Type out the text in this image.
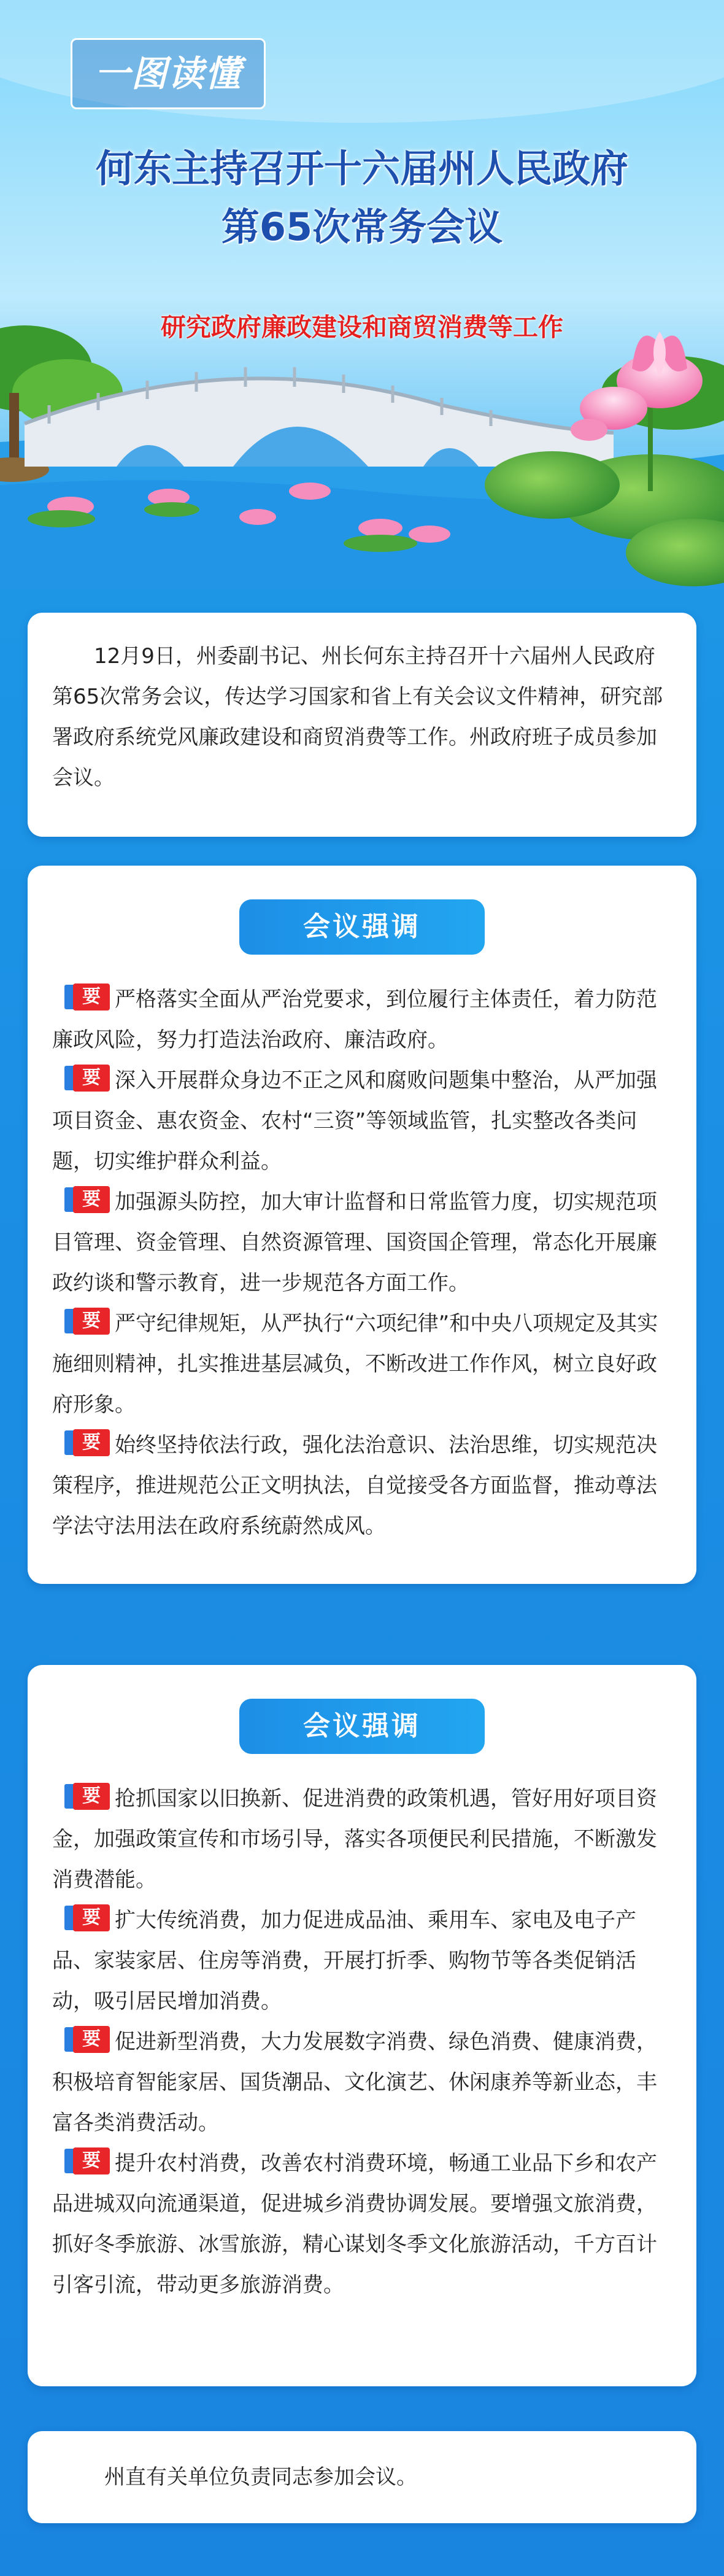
一图读懂
何东主持召开十六届州人民政府
第65次常务会议
研究政府廉政建设和商贸消费等工作

12月9日，州委副书记、州长何东主持召开十六届州人民政府第65次常务会议，传达学习国家和省上有关会议文件精神，研究部署政府系统党风廉政建设和商贸消费等工作。州政府班子成员参加会议。

会议强调

要 严格落实全面从严治党要求，到位履行主体责任，着力防范廉政风险，努力打造法治政府、廉洁政府。

要 深入开展群众身边不正之风和腐败问题集中整治，从严加强项目资金、惠农资金、农村“三资”等领域监管，扎实整改各类问题，切实维护群众利益。

要 加强源头防控，加大审计监督和日常监管力度，切实规范项目管理、资金管理、自然资源管理、国资国企管理，常态化开展廉政约谈和警示教育，进一步规范各方面工作。

要 严守纪律规矩，从严执行“六项纪律”和中央八项规定及其实施细则精神，扎实推进基层减负，不断改进工作作风，树立良好政府形象。

要 始终坚持依法行政，强化法治意识、法治思维，切实规范决策程序，推进规范公正文明执法，自觉接受各方面监督，推动尊法学法守法用法在政府系统蔚然成风。

会议强调

要 抢抓国家以旧换新、促进消费的政策机遇，管好用好项目资金，加强政策宣传和市场引导，落实各项便民利民措施，不断激发消费潜能。

要 扩大传统消费，加力促进成品油、乘用车、家电及电子产品、家装家居、住房等消费，开展打折季、购物节等各类促销活动，吸引居民增加消费。

要 促进新型消费，大力发展数字消费、绿色消费、健康消费，积极培育智能家居、国货潮品、文化演艺、休闲康养等新业态，丰富各类消费活动。

要 提升农村消费，改善农村消费环境，畅通工业品下乡和农产品进城双向流通渠道，促进城乡消费协调发展。要增强文旅消费，抓好冬季旅游、冰雪旅游，精心谋划冬季文化旅游活动，千方百计引客引流，带动更多旅游消费。

州直有关单位负责同志参加会议。
